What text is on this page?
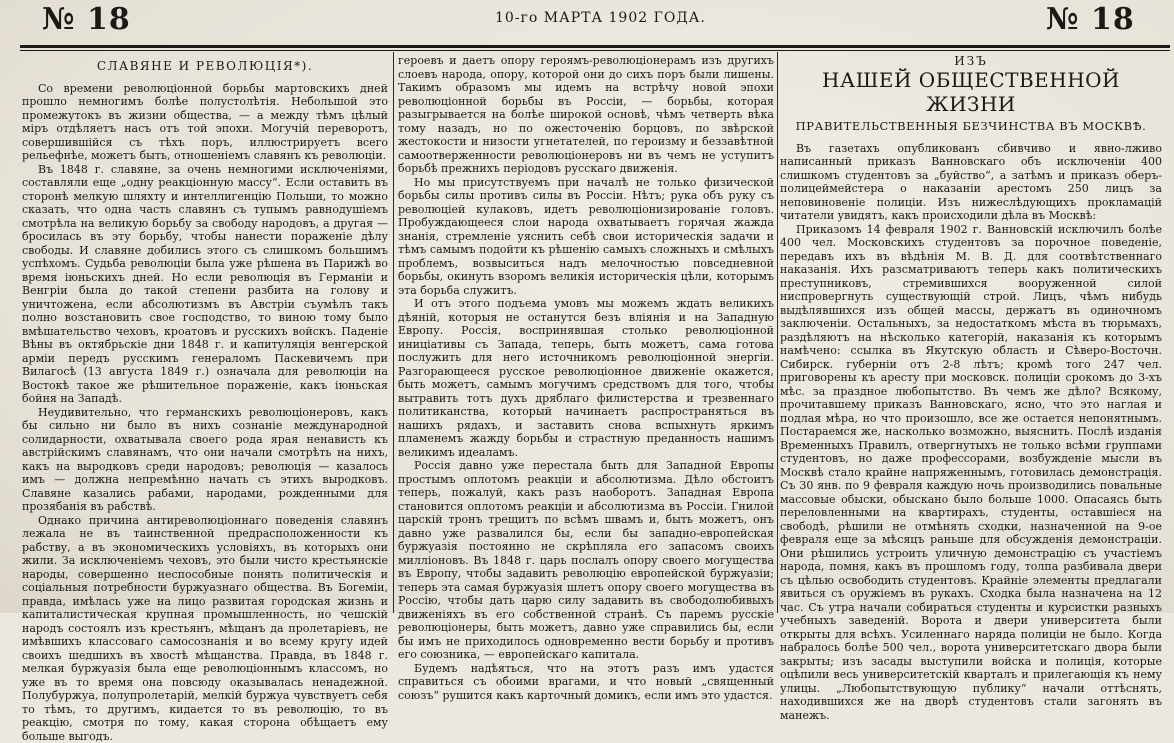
№ 18	10-го МАРТА 1902 ГОДА.	№ 18
СЛАВЯНЕ И РЕВОЛЮЦІЯ*).

Со времени революціонной борьбы мартовскихъ дней прошло немногимъ болѣе полустолѣтія. Небольшой это промежутокъ въ жизни общества, — а между тѣмъ цѣлый міръ отдѣляетъ насъ отъ той эпохи. Могучій переворотъ, совершившійся съ тѣхъ поръ, иллюстрируетъ всего рельефнѣе, можетъ быть, отношеніемъ славянъ къ революціи.

Въ 1848 г. славяне, за очень немногими исключеніями, составляли еще „одну реакціонную массу“. Если оставить въ сторонѣ мелкую шляхту и интеллигенцію Польши, то можно сказать, что одна часть славянъ съ тупымъ равнодушіемъ смотрѣла на великую борьбу за свободу народовъ, а другая — бросилась въ эту борьбу, чтобы нанести пораженіе дѣлу свободы. И славяне добились этого съ слишкомъ большимъ успѣхомъ. Судьба революціи была уже рѣшена въ Парижѣ во время іюньскихъ дней. Но если революція въ Германіи и Венгріи была до такой степени разбита на голову и уничтожена, если абсолютизмъ въ Австріи съумѣлъ такъ полно возстановить свое господство, то виною тому было вмѣшательство чеховъ, кроатовъ и русскихъ войскъ. Паденіе Вѣны въ октябрьскіе дни 1848 г. и капитуляція венгерской арміи передъ русскимъ генераломъ Паскевичемъ при Вилагосѣ (13 августа 1849 г.) означала для революціи на Востокѣ такое же рѣшительное пораженіе, какъ іюньская бойня на Западѣ.

Неудивительно, что германскихъ революціонеровъ, какъ бы сильно ни было въ нихъ сознаніе международной солидарности, охватывала своего рода ярая ненависть къ австрійскимъ славянамъ, что они начали смотрѣть на нихъ, какъ на выродковъ среди народовъ; революція — казалось имъ — должна непремѣнно начать съ этихъ выродковъ. Славяне казались рабами, народами, рожденными для прозябанія въ рабствѣ.

Однако причина антиреволюціоннаго поведенія славянъ лежала не въ таинственной предрасположенности къ рабству, а въ экономическихъ условіяхъ, въ которыхъ они жили. За исключеніемъ чеховъ, это были чисто крестьянскіе народы, совершенно неспособные понять политическія и соціальныя потребности буржуазнаго общества. Въ Богеміи, правда, имѣлась уже на лицо развитая городская жизнь и капиталистическая крупная промышленность, но чешскій народъ состоялъ изъ крестьянъ, мѣщанъ да пролетаріевъ, не имѣвшихъ классоваго самосознанія и во всему кругу идей своихъ шедшихъ въ хвостѣ мѣщанства. Правда, въ 1848 г. мелкая буржуазія была еще революціоннымъ классомъ, но уже въ то время она повсюду оказывалась ненадежной. Полубуржуа, полупролетарій, мелкій буржуа чувствуетъ себя то тѣмъ, то другимъ, кидается то въ революцію, то въ реакцію, смотря по тому, какая сторона обѣщаетъ ему больше выгодъ.

героевъ и даетъ опору героямъ-революціонерамъ изъ другихъ слоевъ народа, опору, которой они до сихъ поръ были лишены. Такимъ образомъ мы идемъ на встрѣчу новой эпохи революціонной борьбы въ Россіи, — борьбы, которая разыгрывается на болѣе широкой основѣ, чѣмъ четверть вѣка тому назадъ, но по ожесточенію борцовъ, по звѣрской жестокости и низости угнетателей, по героизму и беззавѣтной самоотверженности революціонеровъ ни въ чемъ не уступитъ борьбѣ прежнихъ періодовъ русскаго движенія.

Но мы присутствуемъ при началѣ не только физической борьбы силы противъ силы въ Россіи. Нѣтъ; рука объ руку съ революціей кулаковъ, идетъ революціонизированіе головъ. Пробуждающееся слои народа охватываетъ горячая жажда знанія, стремленіе уяснить себѣ свои историческія задачи и тѣмъ самымъ подойти къ рѣшенію самыхъ сложныхъ и смѣлыхъ проблемъ, возвыситься надъ мелочностью повседневной борьбы, окинуть взоромъ великія историческія цѣли, которымъ эта борьба служитъ.

И отъ этого подъема умовъ мы можемъ ждать великихъ дѣяній, которыя не останутся безъ вліянія и на Западную Европу. Россія, воспринявшая столько революціонной иниціативы съ Запада, теперь, быть можетъ, сама готова послужить для него источникомъ революціонной энергіи. Разгорающееся русское революціонное движеніе окажется, быть можетъ, самымъ могучимъ средствомъ для того, чтобы вытравить тотъ духъ дряблаго филистерства и трезвеннаго политиканства, который начинаетъ распространяться въ нашихъ рядахъ, и заставить снова вспыхнуть яркимъ пламенемъ жажду борьбы и страстную преданность нашимъ великимъ идеаламъ.

Россія давно уже перестала быть для Западной Европы простымъ оплотомъ реакціи и абсолютизма. Дѣло обстоитъ теперь, пожалуй, какъ разъ наоборотъ. Западная Европа становится оплотомъ реакціи и абсолютизма въ Россіи. Гнилой царскій тронъ трещитъ по всѣмъ швамъ и, быть можетъ, онъ давно уже развалился бы, если бы западно-европейская буржуазія постоянно не скрѣпляла его запасомъ своихъ милліоновъ. Въ 1848 г. царь послалъ опору своего могущества въ Европу, чтобы задавить революцію европейской буржуазіи; теперь эта самая буржуазія шлетъ опору своего могущества въ Россію, чтобы дать царю силу задавить въ свободолюбивыхъ движеніяхъ въ его собственной странѣ. Съ паремъ русскіе революціонеры, быть можетъ, давно уже справились бы, если бы имъ не приходилось одновременно вести борьбу и противъ его союзника, — европейскаго капитала.

Будемъ надѣяться, что на этотъ разъ имъ удастся справиться съ обоими врагами, и что новый „священный союзъ“ рушится какъ карточный домикъ, если имъ это удастся.

ИЗЪ
НАШЕЙ ОБЩЕСТВЕННОЙ ЖИЗНИ
ПРАВИТЕЛЬСТВЕННЫЯ БЕЗЧИНСТВА ВЪ МОСКВѢ.

Въ газетахъ опубликованъ сбивчиво и явно-лживо написанный приказъ Ванновскаго объ исключеніи 400 слишкомъ студентовъ за „буйство“, а затѣмъ и приказъ оберъ-полицеймейстера о наказаніи арестомъ 250 лицъ за неповиновеніе полиціи. Изъ нижеслѣдующихъ прокламацій читатели увидятъ, какъ происходили дѣла въ Москвѣ:

Приказомъ 14 февраля 1902 г. Ванновскій исключилъ болѣе 400 чел. Московскихъ студентовъ за порочное поведеніе, передавъ ихъ въ вѣдѣнія М. В. Д. для соотвѣтственнаго наказанія. Ихъ разсматриваютъ теперь какъ политическихъ преступниковъ, стремившихся вооруженной силой ниспровергнуть существующій строй. Лицъ, чѣмъ нибудь выдѣлявшихся изъ общей массы, держатъ въ одиночномъ заключеніи. Остальныхъ, за недостаткомъ мѣста въ тюрьмахъ, раздѣляютъ на нѣсколько категорій, наказанія къ которымъ намѣчено: ссылка въ Якутскую область и Сѣверо-Восточн. Сибирск. губерніи отъ 2-8 лѣтъ; кромѣ того 247 чел. приговорены къ аресту при московск. полиціи срокомъ до 3-хъ мѣс. за праздное любопытство. Въ чемъ же дѣло? Всякому, прочитавшему приказъ Ванновскаго, ясно, что это наглая и подлая мѣра, но что произошло, все же остается непонятнымъ. Постараемся же, насколько возможно, выяснить. Послѣ изданія Временныхъ Правилъ, отвергнутыхъ не только всѣми группами студентовъ, но даже профессорами, возбужденіе мысли въ Москвѣ стало крайне напряженнымъ, готовилась демонстрація. Съ 30 янв. по 9 февраля каждую ночь производились повальные массовые обыски, обыскано было больше 1000. Опасаясь быть переловленными на квартирахъ, студенты, оставшіеся на свободѣ, рѣшили не отмѣнять сходки, назначенной на 9-ое февраля еще за мѣсяцъ раньше для обсужденія демонстраціи. Они рѣшились устроить уличную демонстрацію съ участіемъ народа, помня, какъ въ прошломъ году, толпа разбивала двери съ цѣлью освободить студентовъ. Крайніе элементы предлагали явиться съ оружіемъ въ рукахъ. Сходка была назначена на 12 час. Съ утра начали собираться студенты и курсистки разныхъ учебныхъ заведеній. Ворота и двери университета были открыты для всѣхъ. Усиленнаго наряда полиціи не было. Когда набралось болѣе 500 чел., ворота университетскаго двора были закрыты; изъ засады выступили войска и полиція, которые оцѣпили весь университетскій кварталъ и прилегающія къ нему улицы. „Любопытствующую публику“ начали оттѣснять, находившихся же на дворѣ студентовъ стали загонять въ манежъ.
